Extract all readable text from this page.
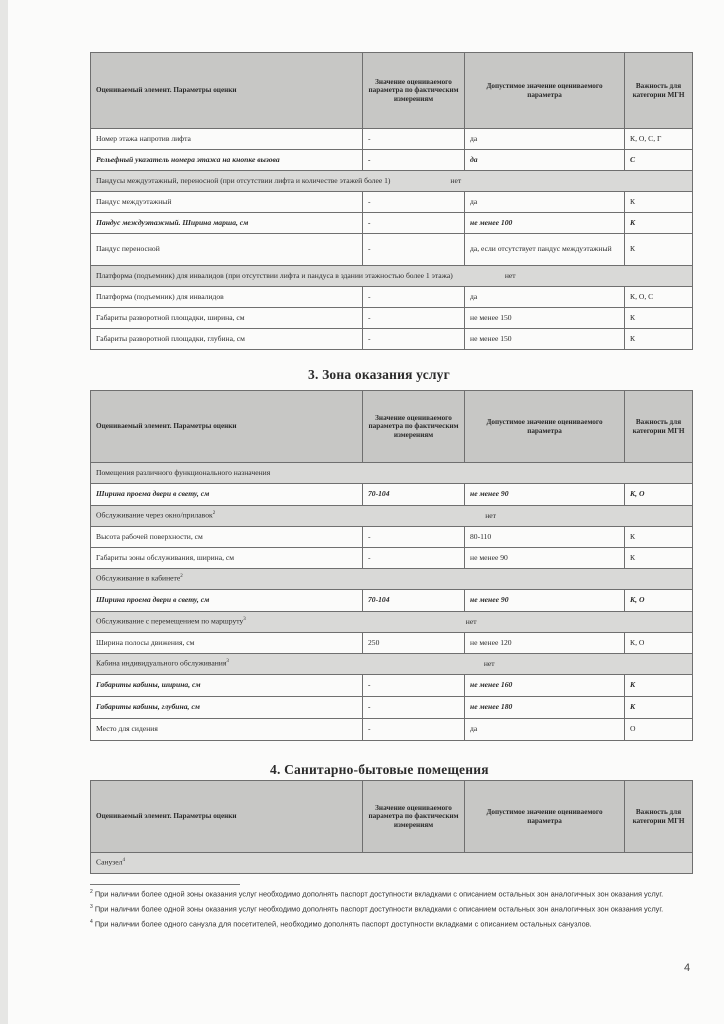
Оцениваемый элемент. Параметры оценки	Значение оцениваемого параметра по фактическим измерениям	Допустимое значение оцениваемого параметра	Важность для категории МГН
Номер этажа напротив лифта	-	да	К, О, С, Г
Рельефный указатель номера этажа на кнопке вызова	-	да	С
Пандусы междуэтажный, переносной (при отсутствии лифта и количестве этажей более 1) нет			
Пандус междуэтажный	-	да	К
Пандус междуэтажный. Ширина марша, см	-	не менее 100	К
Пандус переносной	-	да, если отсутствует пандус междуэтажный	К
Платформа (подъемник) для инвалидов (при отсутствии лифта и пандуса в здании этажностью более 1 этажа) нет			
Платформа (подъемник) для инвалидов	-	да	К, О, С
Габариты разворотной площадки, ширина, см	-	не менее 150	К
Габариты разворотной площадки, глубина, см	-	не менее 150	К
3. Зона оказания услуг
Оцениваемый элемент. Параметры оценки	Значение оцениваемого параметра по фактическим измерениям	Допустимое значение оцениваемого параметра	Важность для категории МГН
Помещения различного функционального назначения			
Ширина проема двери в свету, см	70-104	не менее 90	К, О
Обслуживание через окно/прилавок$^2$ нет			
Высота рабочей поверхности, см	-	80-110	К
Габариты зоны обслуживания, ширина, см	-	не менее 90	К
Обслуживание в кабинете$^2$
Ширина проема двери в свету, см	70-104	не менее 90	К, О
Обслуживание с перемещением по маршруту$^3$ нет			
Ширина полосы движения, см	250	не менее 120	К, О
Кабина индивидуального обслуживания$^3$ нет			
Габариты кабины, ширина, см	-	не менее 160	К
Габариты кабины, глубина, см	-	не менее 180	К
Место для сидения	-	да	О
4. Санитарно-бытовые помещения
Оцениваемый элемент. Параметры оценки	Значение оцениваемого параметра по фактическим измерениям	Допустимое значение оцениваемого параметра	Важность для категории МГН
Санузел$^4$

$^2$ При наличии более одной зоны оказания услуг необходимо дополнять паспорт доступности вкладками с описанием остальных зон аналогичных зон оказания услуг.

$^3$ При наличии более одной зоны оказания услуг необходимо дополнять паспорт доступности вкладками с описанием остальных зон аналогичных зон оказания услуг.

$^4$ При наличии более одного санузла для посетителей, необходимо дополнять паспорт доступности вкладками с описанием остальных санузлов.

4
